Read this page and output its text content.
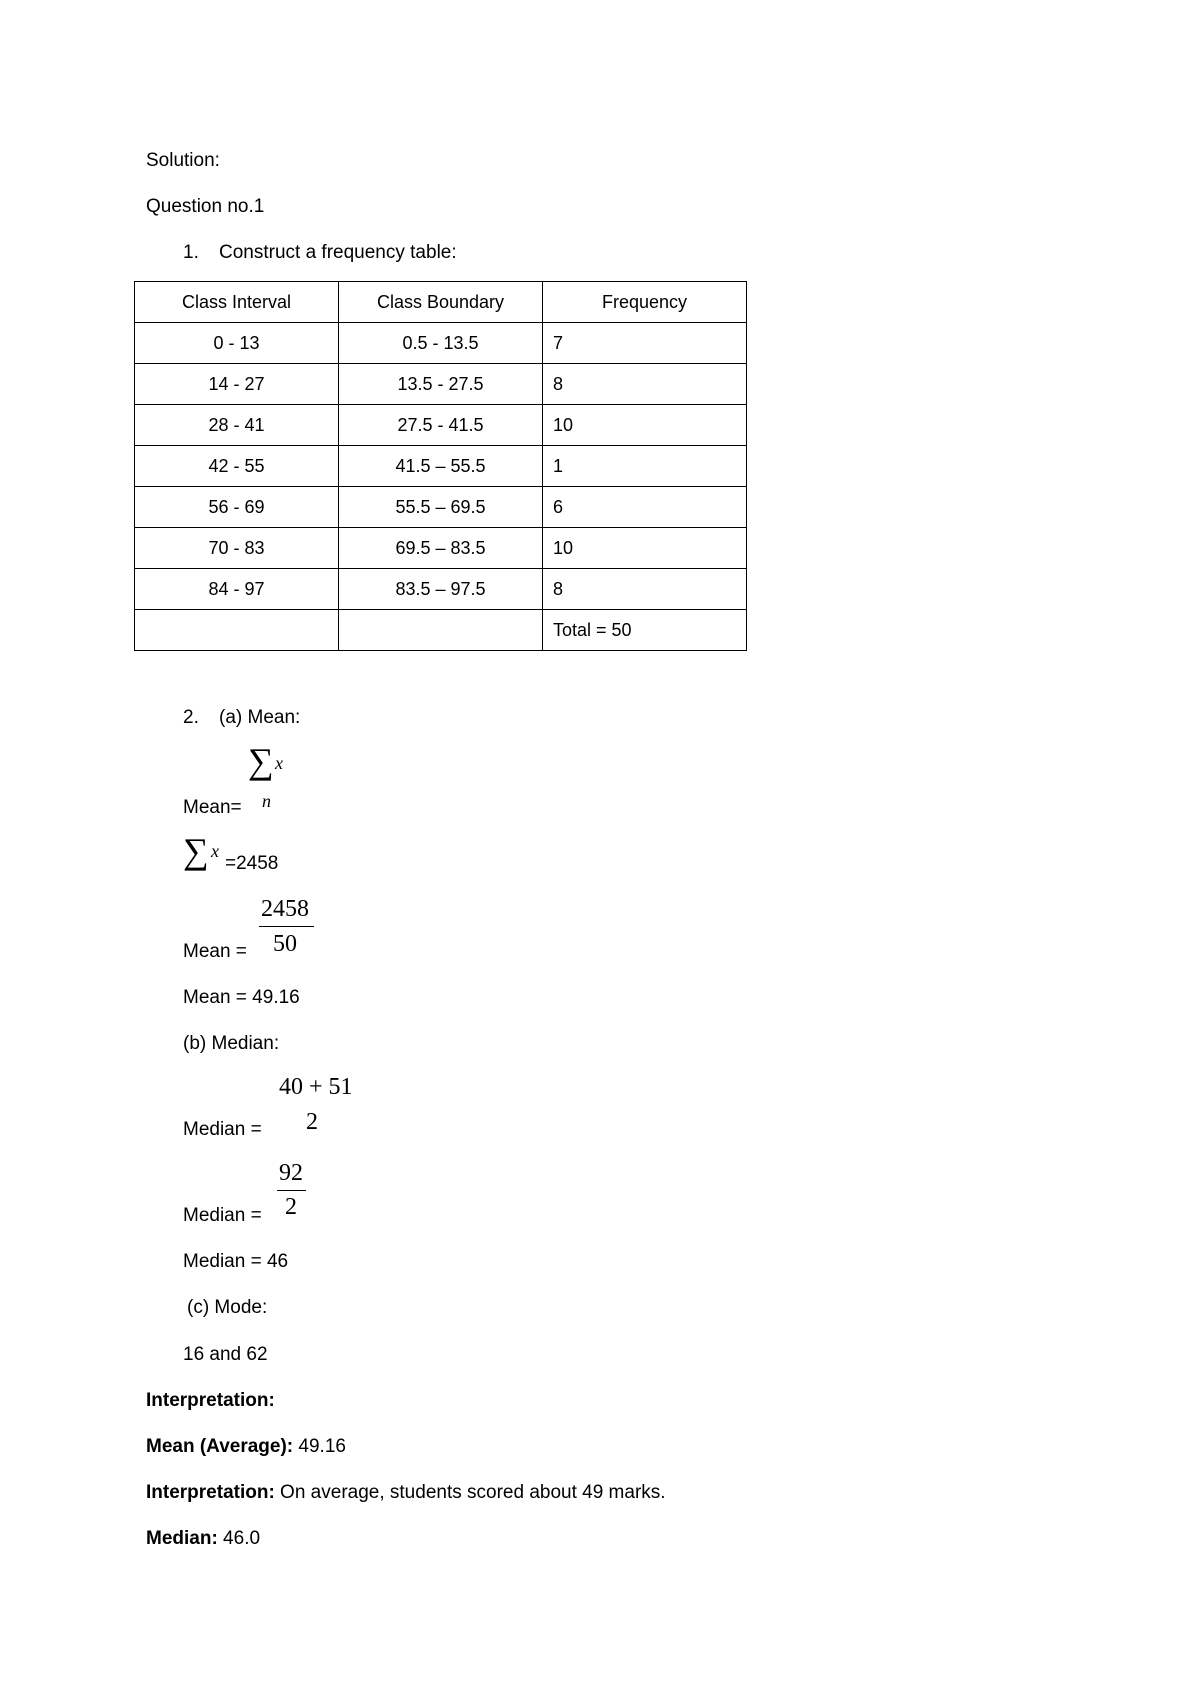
Solution:
Question no.1
1. Construct a frequency table:
Class Interval	Class Boundary	Frequency
0 - 13	0.5 - 13.5	7
14 - 27	13.5 - 27.5	8
28 - 41	27.5 - 41.5	10
42 - 55	41.5 – 55.5	1
56 - 69	55.5 – 69.5	6
70 - 83	69.5 – 83.5	10
84 - 97	83.5 – 97.5	8
		Total = 50
2. (a) Mean:
∑ x
n
Mean=
∑ x
=2458
2458
50
Mean =
Mean = 49.16
(b) Median:
40 + 51
2
Median =
92
2
Median =
Median = 46
(c) Mode:
16 and 62
Interpretation:
Mean (Average): 49.16
Interpretation: On average, students scored about 49 marks.
Median: 46.0
